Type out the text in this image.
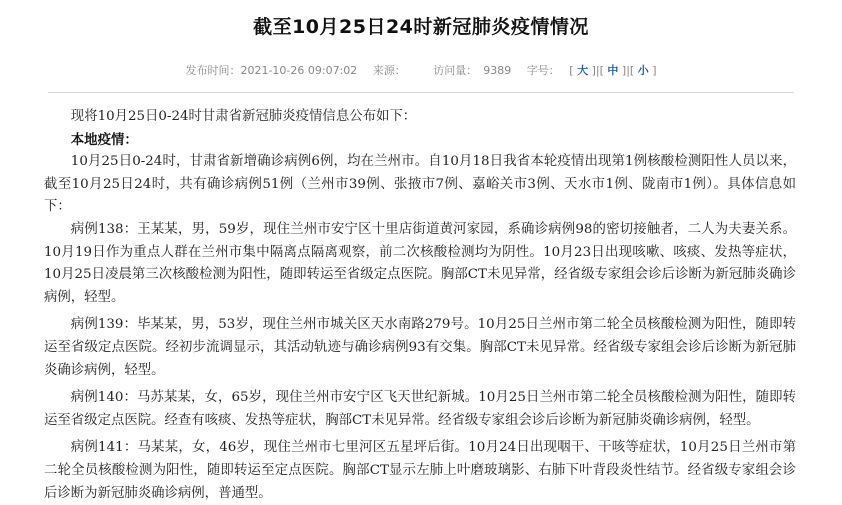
截至10月25日24时新冠肺炎疫情情况
发布时间：2021-10-26 09:07:02 来源：	访问量： 9389 字号： [ 大 ]|[ 中 ]|[ 小 ]

现将10月25日0-24时甘肃省新冠肺炎疫情信息公布如下：

本地疫情：

10月25日0-24时，甘肃省新增确诊病例6例，均在兰州市。自10月18日我省本轮疫情出现第1例核酸检测阳性人员以来，截至10月25日24时，共有确诊病例51例（兰州市39例、张掖市7例、嘉峪关市3例、天水市1例、陇南市1例）。具体信息如下：

病例138：王某某，男，59岁，现住兰州市安宁区十里店街道黄河家园，系确诊病例98的密切接触者，二人为夫妻关系。10月19日作为重点人群在兰州市集中隔离点隔离观察，前二次核酸检测均为阴性。10月23日出现咳嗽、咳痰、发热等症状，10月25日凌晨第三次核酸检测为阳性，随即转运至省级定点医院。胸部CT未见异常，经省级专家组会诊后诊断为新冠肺炎确诊病例，轻型。

病例139：毕某某，男，53岁，现住兰州市城关区天水南路279号。10月25日兰州市第二轮全员核酸检测为阳性，随即转运至省级定点医院。经初步流调显示，其活动轨迹与确诊病例93有交集。胸部CT未见异常。经省级专家组会诊后诊断为新冠肺炎确诊病例，轻型。

病例140：马苏某某，女，65岁，现住兰州市安宁区飞天世纪新城。10月25日兰州市第二轮全员核酸检测为阳性，随即转运至省级定点医院。经查有咳痰、发热等症状，胸部CT未见异常。经省级专家组会诊后诊断为新冠肺炎确诊病例，轻型。

病例141：马某某，女，46岁，现住兰州市七里河区五星坪后街。10月24日出现咽干、干咳等症状，10月25日兰州市第二轮全员核酸检测为阳性，随即转运至定点医院。胸部CT显示左肺上叶磨玻璃影、右肺下叶背段炎性结节。经省级专家组会诊后诊断为新冠肺炎确诊病例，普通型。
